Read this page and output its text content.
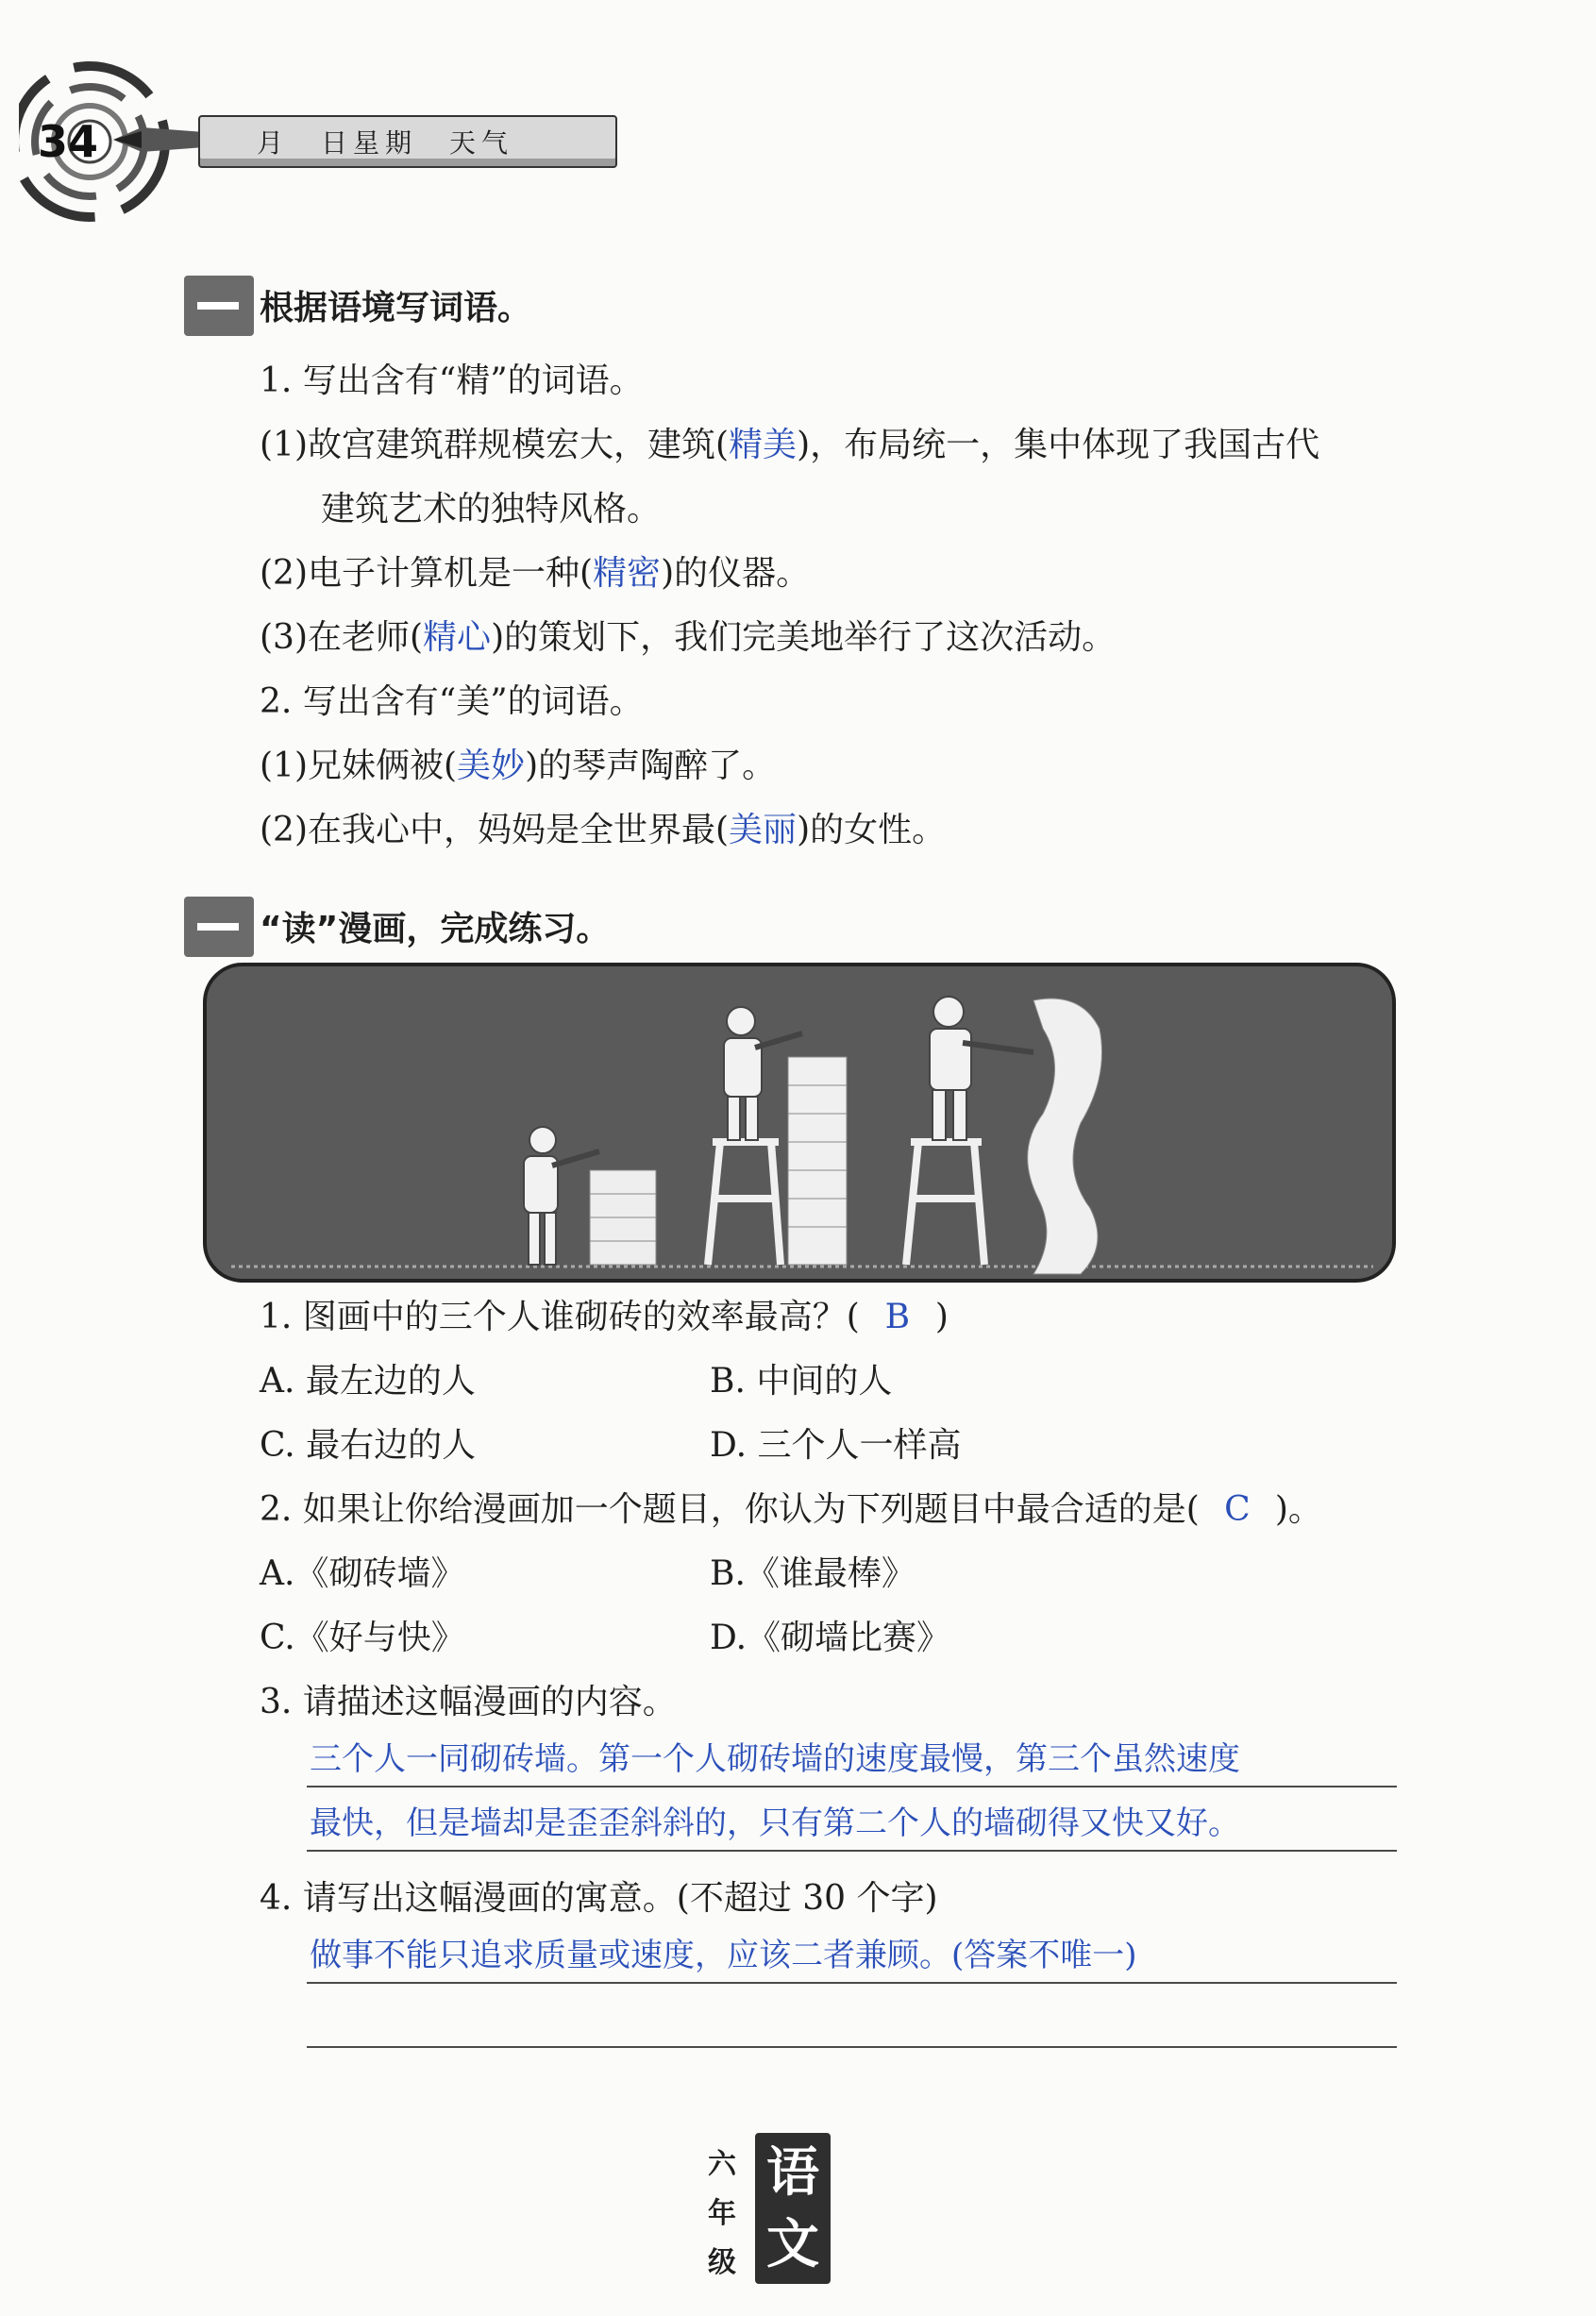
34	月　日星期　天气
根据语境写词语。
1. 写出含有“精”的词语。
(1)故宫建筑群规模宏大，建筑(精美)，布局统一，集中体现了我国古代
建筑艺术的独特风格。
(2)电子计算机是一种(精密)的仪器。
(3)在老师(精心)的策划下，我们完美地举行了这次活动。
2. 写出含有“美”的词语。
(1)兄妹俩被(美妙)的琴声陶醉了。
(2)在我心中，妈妈是全世界最(美丽)的女性。
“读”漫画，完成练习。
1. 图画中的三个人谁砌砖的效率最高？( B )
A. 最左边的人	B. 中间的人
C. 最右边的人	D. 三个人一样高
2. 如果让你给漫画加一个题目，你认为下列题目中最合适的是( C )。
A.《砌砖墙》	B.《谁最棒》
C.《好与快》	D.《砌墙比赛》
3. 请描述这幅漫画的内容。
三个人一同砌砖墙。第一个人砌砖墙的速度最慢，第三个虽然速度
最快，但是墙却是歪歪斜斜的，只有第二个人的墙砌得又快又好。
4. 请写出这幅漫画的寓意。(不超过 30 个字)
做事不能只追求质量或速度，应该二者兼顾。(答案不唯一)
六
年
级
语
文
